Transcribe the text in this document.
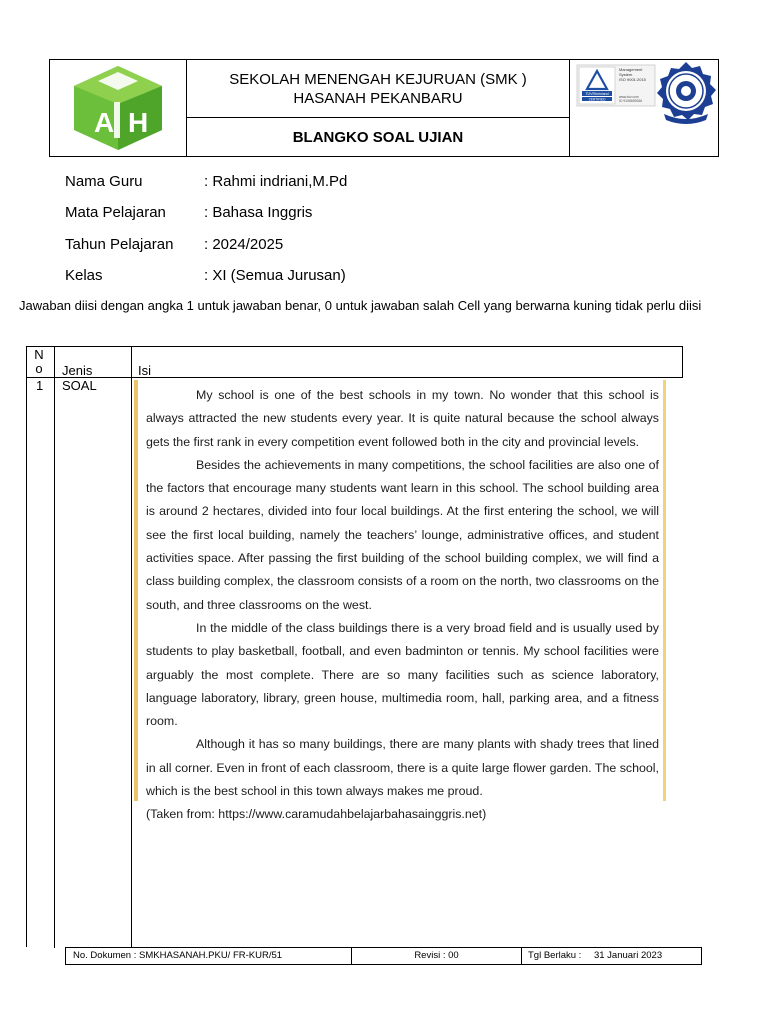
A H
SEKOLAH MENENGAH KEJURUAN (SMK )
HASANAH PEKANBARU
BLANGKO SOAL UJIAN
TÜVRheinland
CERTIFIED
Management
System
ISO 9001:2015
www.tuv.com
ID 9108659266
Nama Guru	: Rahmi indriani,M.Pd
Mata Pelajaran	: Bahasa Inggris
Tahun Pelajaran : 2024/2025
Kelas	: XI (Semua Jurusan)
Jawaban diisi dengan angka 1 untuk jawaban benar, 0 untuk jawaban salah Cell yang berwarna kuning tidak perlu diisi
N o Jenis	Isi
1 SOAL

My school is one of the best schools in my town. No wonder that this school is always attracted the new students every year. It is quite natural because the school always gets the first rank in every competition event followed both in the city and provincial levels.

Besides the achievements in many competitions, the school facilities are also one of the factors that encourage many students want learn in this school. The school building area is around 2 hectares, divided into four local buildings. At the first entering the school, we will see the first local building, namely the teachers’ lounge, administrative offices, and student activities space. After passing the first building of the school building complex, we will find a class building complex, the classroom consists of a room on the north, two classrooms on the south, and three classrooms on the west.

In the middle of the class buildings there is a very broad field and is usually used by students to play basketball, football, and even badminton or tennis. My school facilities were arguably the most complete. There are so many facilities such as science laboratory, language laboratory, library, green house, multimedia room, hall, parking area, and a fitness room.

Although it has so many buildings, there are many plants with shady trees that lined in all corner. Even in front of each classroom, there is a quite large flower garden. The school, which is the best school in this town always makes me proud.

(Taken from: https://www.caramudahbelajarbahasainggris.net)

No. Dokumen : SMKHASANAH.PKU/ FR-KUR/51	Revisi : 00	Tgl Berlaku : 31 Januari 2023
